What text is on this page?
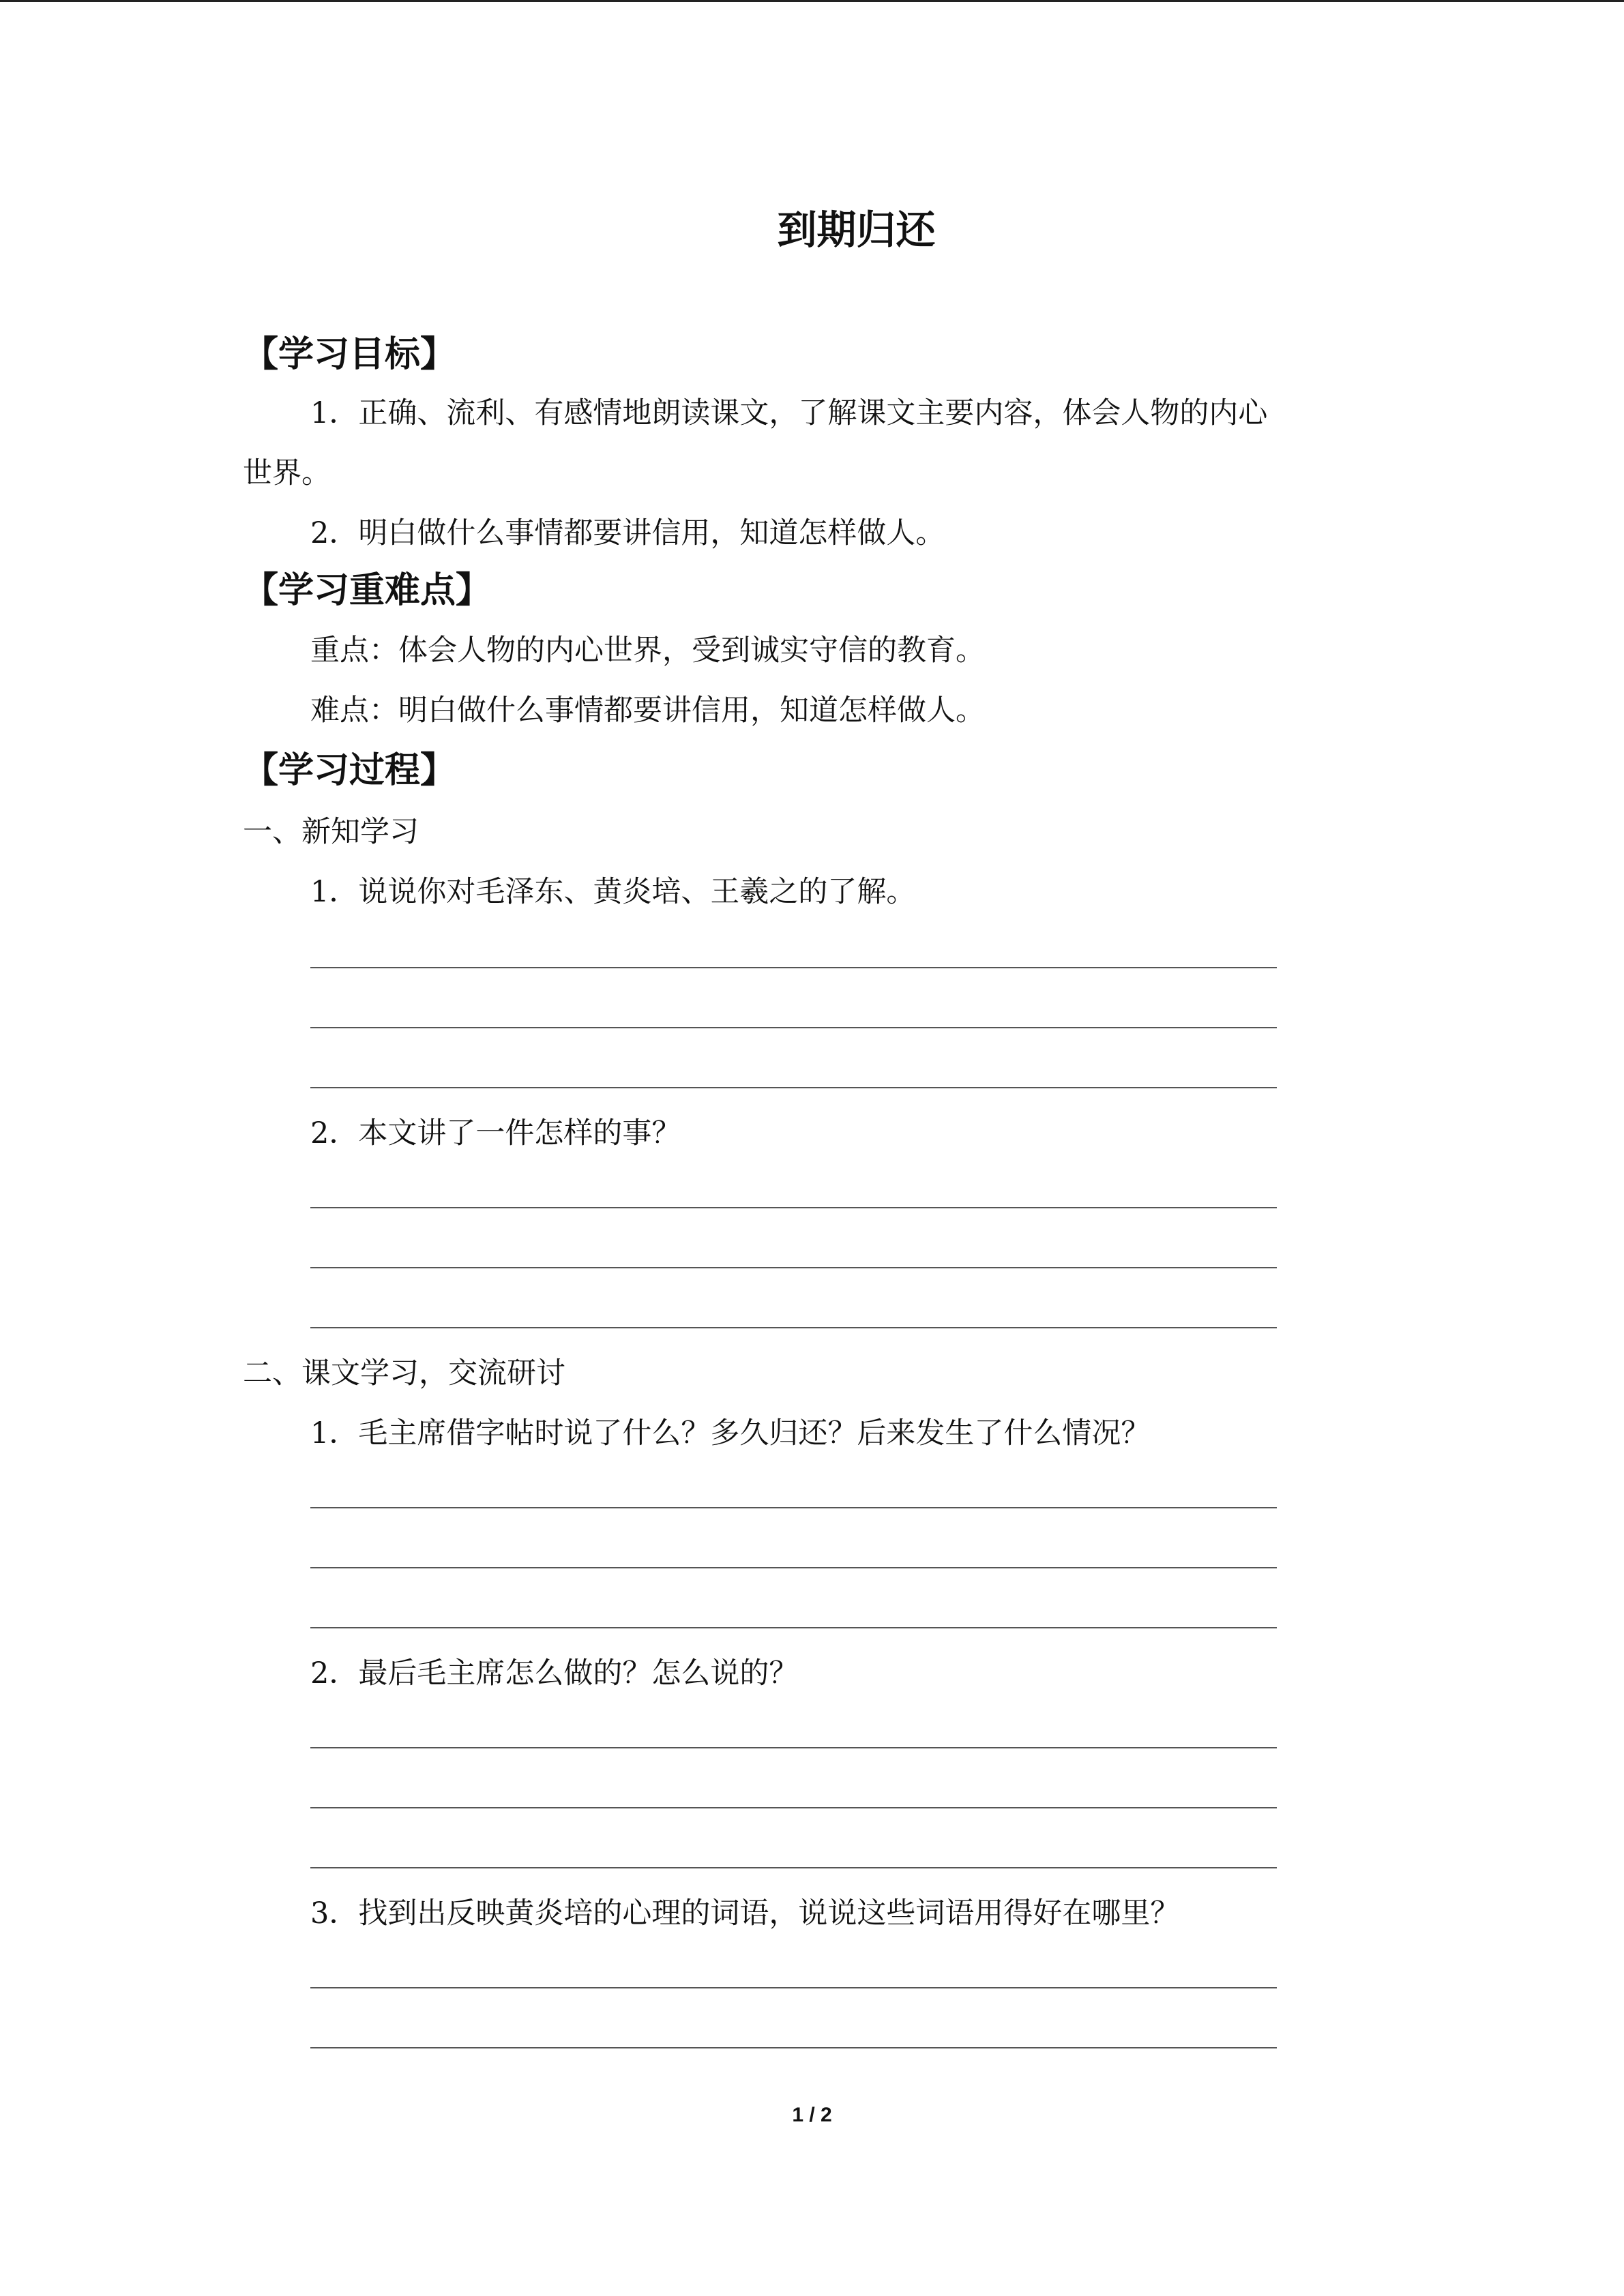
到期归还
【学习目标】

1．正确、流利、有感情地朗读课文，了解课文主要内容，体会人物的内心

世界。

2．明白做什么事情都要讲信用，知道怎样做人。

【学习重难点】

重点：体会人物的内心世界，受到诚实守信的教育。

难点：明白做什么事情都要讲信用，知道怎样做人。

【学习过程】

一、新知学习

1．说说你对毛泽东、黄炎培、王羲之的了解。

2．本文讲了一件怎样的事？

二、课文学习，交流研讨

1．毛主席借字帖时说了什么？多久归还？后来发生了什么情况？

2．最后毛主席怎么做的？怎么说的？

3．找到出反映黄炎培的心理的词语，说说这些词语用得好在哪里？

1 / 2
